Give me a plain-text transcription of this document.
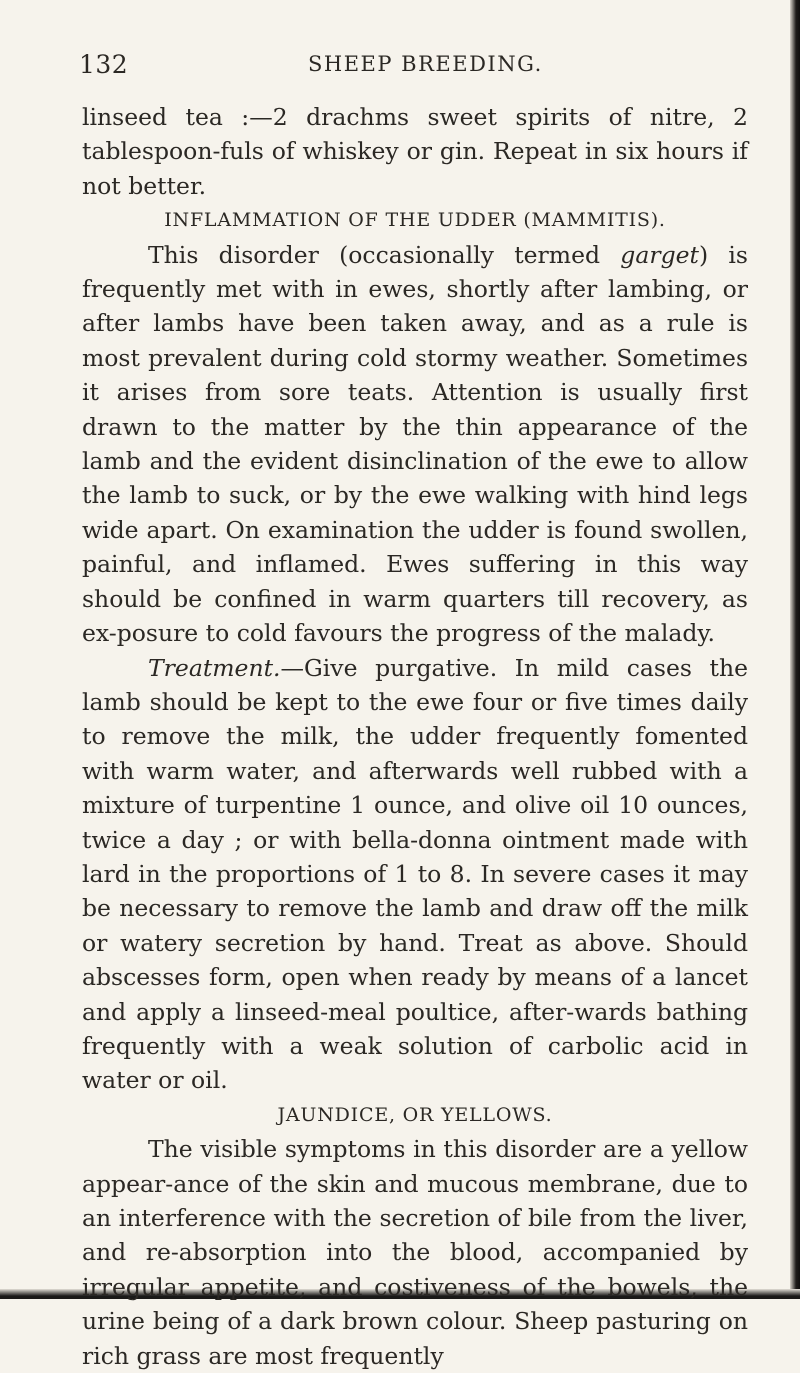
132	SHEEP BREEDING.

linseed tea :—2 drachms sweet spirits of nitre, 2 tablespoon-fuls of whiskey or gin. Repeat in six hours if not better.

INFLAMMATION OF THE UDDER (MAMMITIS).

This disorder (occasionally termed garget) is frequently met with in ewes, shortly after lambing, or after lambs have been taken away, and as a rule is most prevalent during cold stormy weather. Sometimes it arises from sore teats. Attention is usually first drawn to the matter by the thin appearance of the lamb and the evident disinclination of the ewe to allow the lamb to suck, or by the ewe walking with hind legs wide apart. On examination the udder is found swollen, painful, and inflamed. Ewes suffering in this way should be confined in warm quarters till recovery, as ex-posure to cold favours the progress of the malady.

Treatment.—Give purgative. In mild cases the lamb should be kept to the ewe four or five times daily to remove the milk, the udder frequently fomented with warm water, and afterwards well rubbed with a mixture of turpentine 1 ounce, and olive oil 10 ounces, twice a day ; or with bella-donna ointment made with lard in the proportions of 1 to 8. In severe cases it may be necessary to remove the lamb and draw off the milk or watery secretion by hand. Treat as above. Should abscesses form, open when ready by means of a lancet and apply a linseed-meal poultice, after-wards bathing frequently with a weak solution of carbolic acid in water or oil.

JAUNDICE, OR YELLOWS.

The visible symptoms in this disorder are a yellow appear-ance of the skin and mucous membrane, due to an interference with the secretion of bile from the liver, and re-absorption into the blood, accompanied by irregular appetite, and costiveness of the bowels, the urine being of a dark brown colour. Sheep pasturing on rich grass are most frequently
